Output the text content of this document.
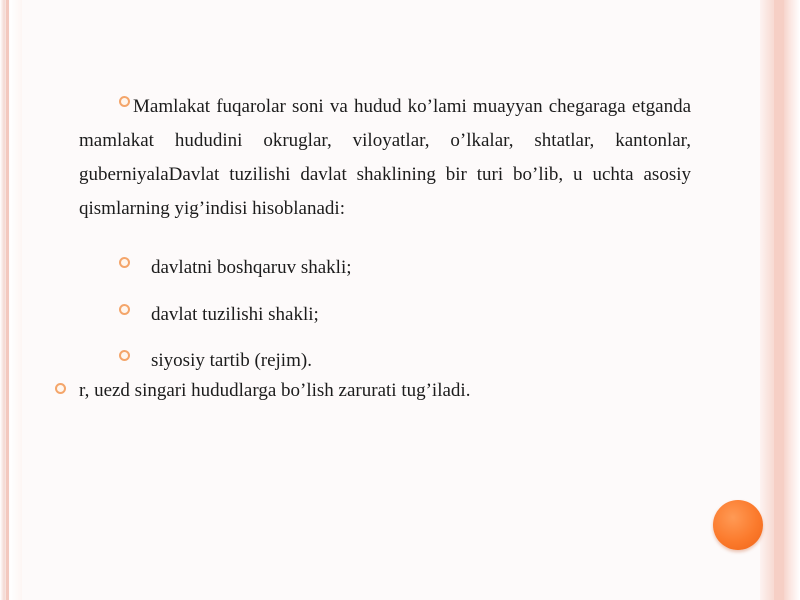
Mamlakat fuqarolar soni va hudud ko’lami muayyan chegaraga etganda mamlakat hududini okruglar, viloyatlar, o’lkalar, shtatlar, kantonlar, guberniyalaDavlat tuzilishi davlat shaklining bir turi bo’lib, u uchta asosiy qismlarning yig’indisi hisoblanadi:

davlatni boshqaruv shakli;
davlat tuzilishi shakli;
siyosiy tartib (rejim).
r, uezd singari hududlarga bo’lish zarurati tug’iladi.
